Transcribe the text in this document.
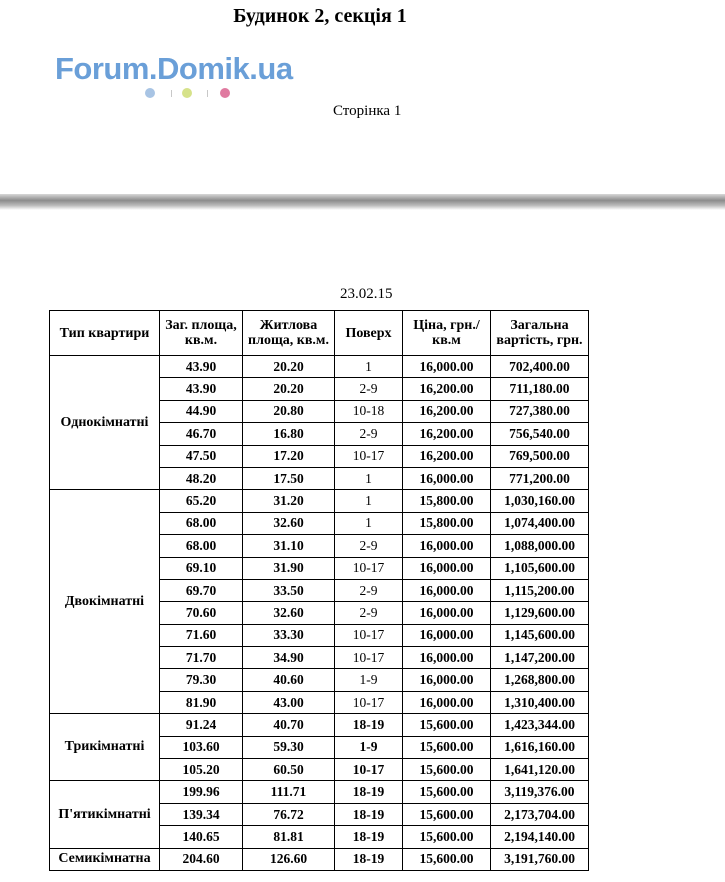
Будинок 2, секція 1
Forum.Domik.ua
Сторінка 1
23.02.15
Тип квартири	Заг. площа, кв.м.	Житлова площа, кв.м.	Поверх	Ціна, грн./кв.м	Загальна вартість, грн.
Однокімнатні	43.90	20.20	1	16,000.00	702,400.00
	43.90	20.20	2-9	16,200.00	711,180.00
	44.90	20.80	10-18	16,200.00	727,380.00
	46.70	16.80	2-9	16,200.00	756,540.00
	47.50	17.20	10-17	16,200.00	769,500.00
	48.20	17.50	1	16,000.00	771,200.00
Двокімнатні	65.20	31.20	1	15,800.00	1,030,160.00
	68.00	32.60	1	15,800.00	1,074,400.00
	68.00	31.10	2-9	16,000.00	1,088,000.00
	69.10	31.90	10-17	16,000.00	1,105,600.00
	69.70	33.50	2-9	16,000.00	1,115,200.00
	70.60	32.60	2-9	16,000.00	1,129,600.00
	71.60	33.30	10-17	16,000.00	1,145,600.00
	71.70	34.90	10-17	16,000.00	1,147,200.00
	79.30	40.60	1-9	16,000.00	1,268,800.00
	81.90	43.00	10-17	16,000.00	1,310,400.00
Трикімнатні	91.24	40.70	18-19	15,600.00	1,423,344.00
	103.60	59.30	1-9	15,600.00	1,616,160.00
	105.20	60.50	10-17	15,600.00	1,641,120.00
П'ятикімнатні	199.96	111.71	18-19	15,600.00	3,119,376.00
	139.34	76.72	18-19	15,600.00	2,173,704.00
	140.65	81.81	18-19	15,600.00	2,194,140.00
Семикімнатна	204.60	126.60	18-19	15,600.00	3,191,760.00
